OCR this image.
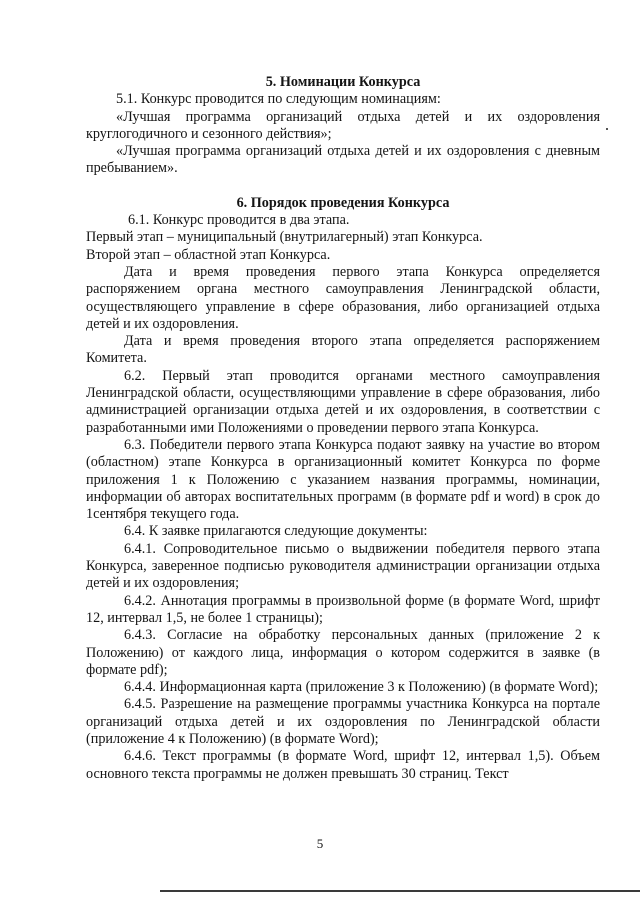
5. Номинации Конкурса

5.1. Конкурс проводится по следующим номинациям:

«Лучшая программа организаций отдыха детей и их оздоровления круглогодичного и сезонного действия»;

«Лучшая программа организаций отдыха детей и их оздоровления с дневным пребыванием».

6. Порядок проведения Конкурса

6.1. Конкурс проводится в два этапа.

Первый этап – муниципальный (внутрилагерный) этап Конкурса.

Второй этап – областной этап Конкурса.

Дата и время проведения первого этапа Конкурса определяется распоряжением органа местного самоуправления Ленинградской области, осуществляющего управление в сфере образования, либо организацией отдыха детей и их оздоровления.

Дата и время проведения второго этапа определяется распоряжением Комитета.

6.2. Первый этап проводится органами местного самоуправления Ленинградской области, осуществляющими управление в сфере образования, либо администрацией организации отдыха детей и их оздоровления, в соответствии с разработанными ими Положениями о проведении первого этапа Конкурса.

6.3. Победители первого этапа Конкурса подают заявку на участие во втором (областном) этапе Конкурса в организационный комитет Конкурса по форме приложения 1 к Положению с указанием названия программы, номинации, информации об авторах воспитательных программ (в формате pdf и word) в срок до 1сентября текущего года.

6.4. К заявке прилагаются следующие документы:

6.4.1. Сопроводительное письмо о выдвижении победителя первого этапа Конкурса, заверенное подписью руководителя администрации организации отдыха детей и их оздоровления;

6.4.2. Аннотация программы в произвольной форме (в формате Word, шрифт 12, интервал 1,5, не более 1 страницы);

6.4.3. Согласие на обработку персональных данных (приложение 2 к Положению) от каждого лица, информация о котором содержится в заявке (в формате pdf);

6.4.4. Информационная карта (приложение 3 к Положению) (в формате Word);

6.4.5. Разрешение на размещение программы участника Конкурса на портале организаций отдыха детей и их оздоровления по Ленинградской области (приложение 4 к Положению) (в формате Word);

6.4.6. Текст программы (в формате Word, шрифт 12, интервал 1,5). Объем основного текста программы не должен превышать 30 страниц. Текст

5
